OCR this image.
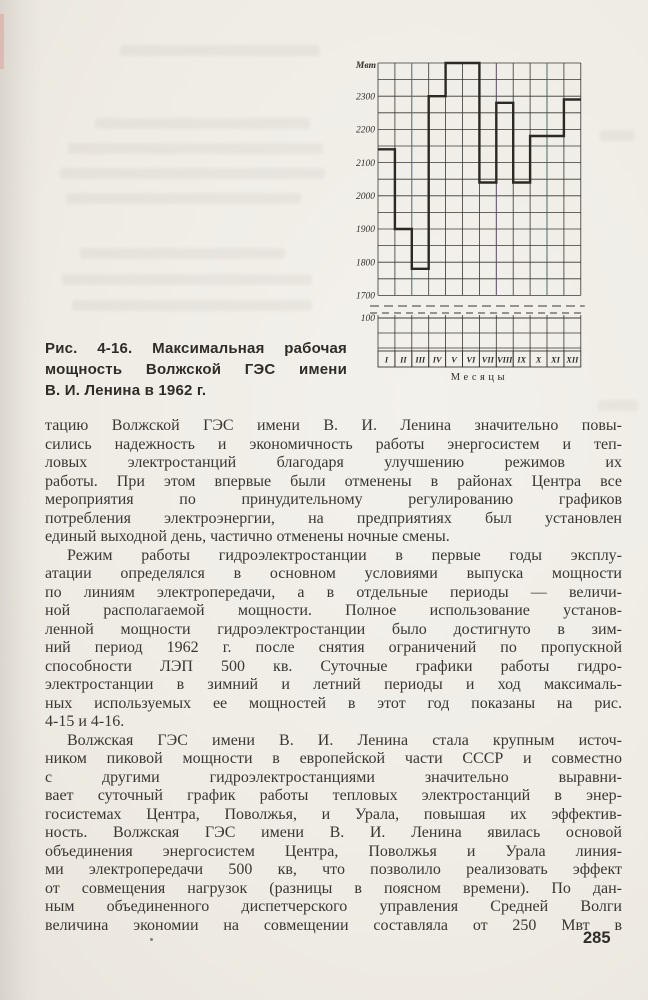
2300
2200
2100
2000
1900
1800
1700
100
Мвт
I II III IV V VI VII VIII IX X XI XII
Месяцы
Рис. 4-16. Максимальная рабочая
мощность Волжской ГЭС имени
В. И. Ленина в 1962 г.
тацию Волжской ГЭС имени В. И. Ленина значительно повы-
сились надежность и экономичность работы энергосистем и теп-
ловых электростанций благодаря улучшению режимов их
работы. При этом впервые были отменены в районах Центра все
мероприятия по принудительному регулированию графиков
потребления электроэнергии, на предприятиях был установлен
единый выходной день, частично отменены ночные смены.
Режим работы гидроэлектростанции в первые годы эксплу-
атации определялся в основном условиями выпуска мощности
по линиям электропередачи, а в отдельные периоды — величи-
ной располагаемой мощности. Полное использование установ-
ленной мощности гидроэлектростанции было достигнуто в зим-
ний период 1962 г. после снятия ограничений по пропускной
способности ЛЭП 500 кв. Суточные графики работы гидро-
электростанции в зимний и летний периоды и ход максималь-
ных используемых ее мощностей в этот год показаны на рис.
4-15 и 4-16.
Волжская ГЭС имени В. И. Ленина стала крупным источ-
ником пиковой мощности в европейской части СССР и совместно
с другими гидроэлектростанциями значительно выравни-
вает суточный график работы тепловых электростанций в энер-
госистемах Центра, Поволжья, и Урала, повышая их эффектив-
ность. Волжская ГЭС имени В. И. Ленина явилась основой
объединения энергосистем Центра, Поволжья и Урала линия-
ми электропередачи 500 кв, что позволило реализовать эффект
от совмещения нагрузок (разницы в поясном времени). По дан-
ным объединенного диспетчерского управления Средней Волги
величина экономии на совмещении составляла от 250 Мвт в
285
